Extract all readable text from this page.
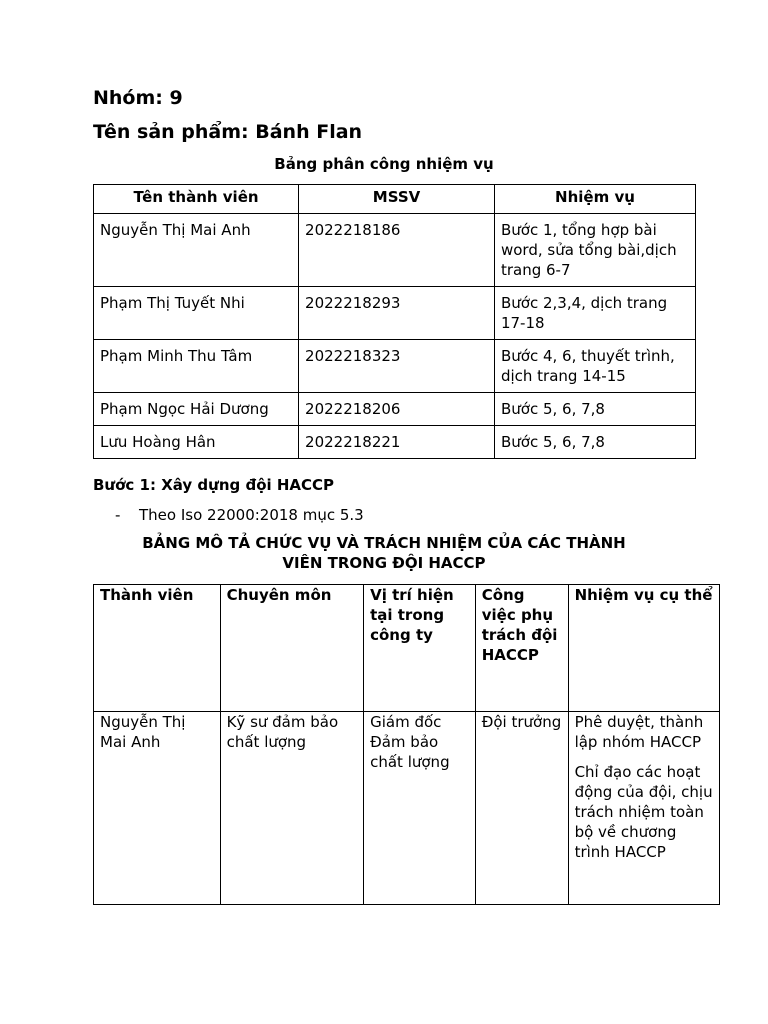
Nhóm: 9

Tên sản phẩm: Bánh Flan

Bảng phân công nhiệm vụ

Tên thành viên	MSSV	Nhiệm vụ
Nguyễn Thị Mai Anh	2022218186	Bước 1, tổng hợp bài word, sửa tổng bài,dịch trang 6-7
Phạm Thị Tuyết Nhi	2022218293	Bước 2,3,4, dịch trang 17-18
Phạm Minh Thu Tâm	2022218323	Bước 4, 6, thuyết trình, dịch trang 14-15
Phạm Ngọc Hải Dương	2022218206	Bước 5, 6, 7,8
Lưu Hoàng Hân	2022218221	Bước 5, 6, 7,8

Bước 1: Xây dựng đội HACCP

- Theo Iso 22000:2018 mục 5.3

BẢNG MÔ TẢ CHỨC VỤ VÀ TRÁCH NHIỆM CỦA CÁC THÀNH

VIÊN TRONG ĐỘI HACCP

Thành viên	Chuyên môn	Vị trí hiện tại trong công ty	Công việc phụ trách đội HACCP	Nhiệm vụ cụ thể
Nguyễn Thị Mai Anh	Kỹ sư đảm bảo chất lượng	Giám đốc Đảm bảo chất lượng	Đội trưởng	Phê duyệt, thành lập nhóm HACCP

Chỉ đạo các hoạt động của đội, chịu trách nhiệm toàn bộ về chương trình HACCP
